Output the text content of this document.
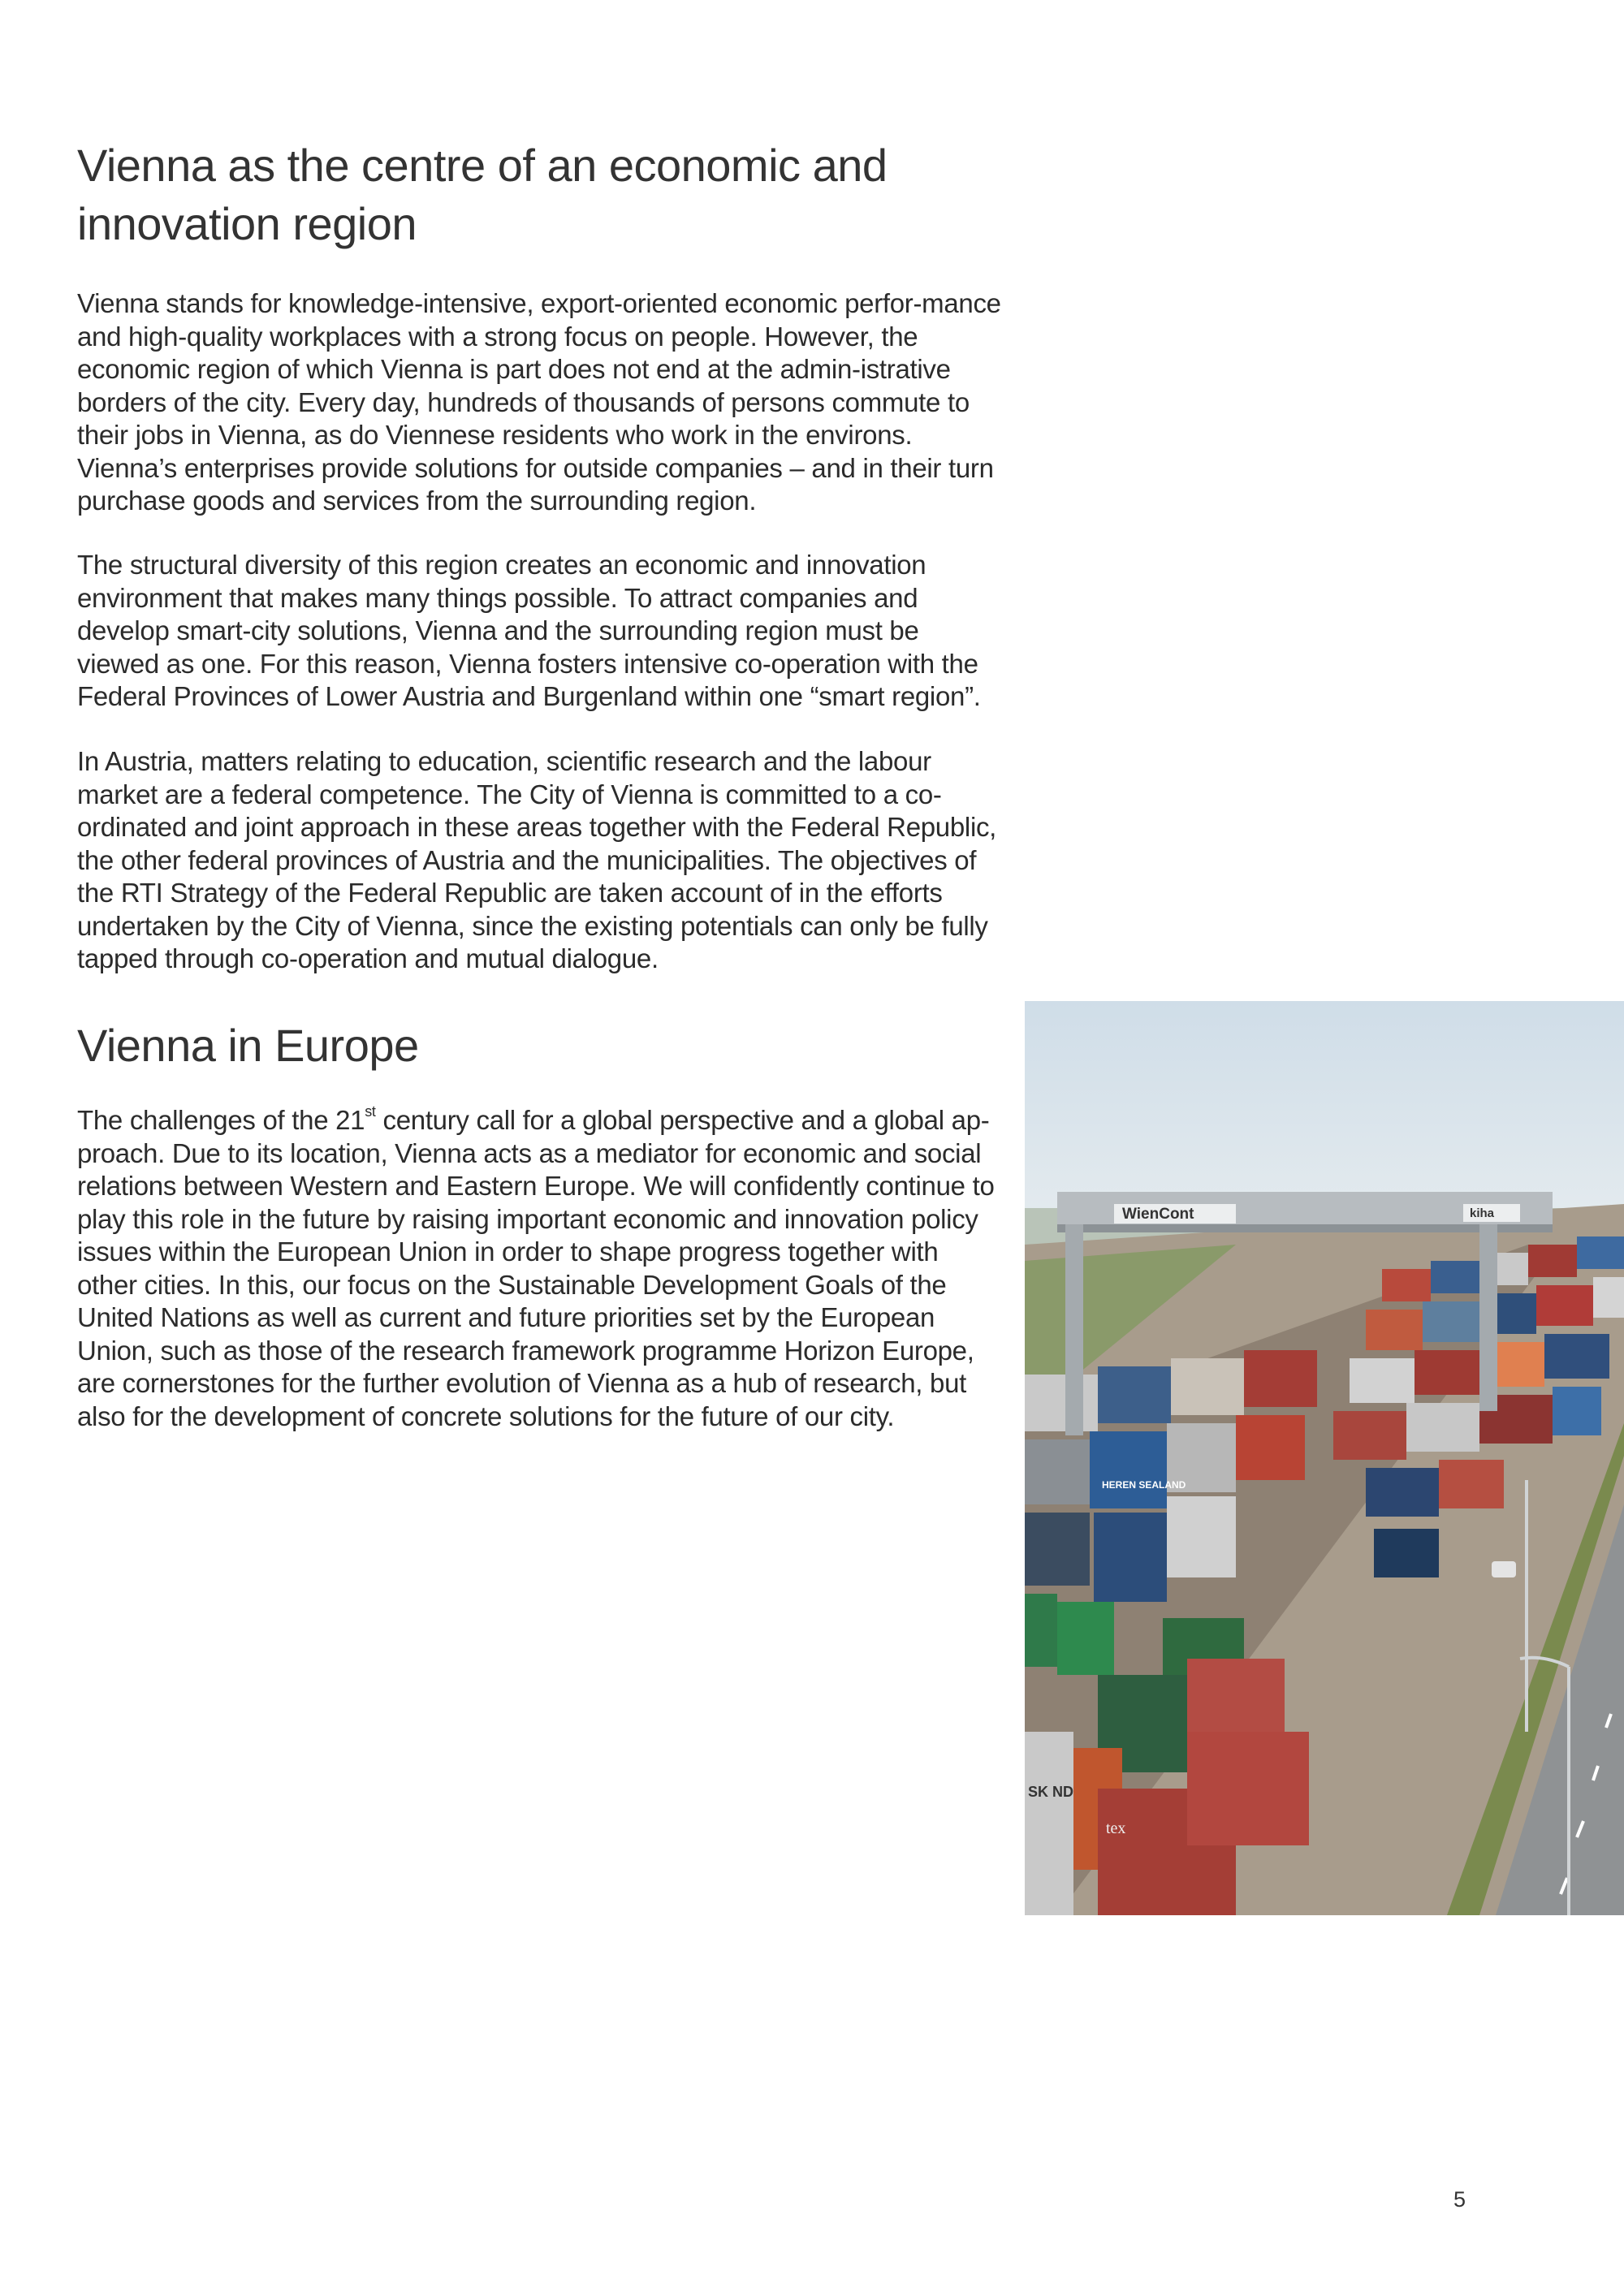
Vienna as the centre of an economic and
innovation region

Vienna stands for knowledge-intensive, export-oriented economic perfor-mance and high-quality workplaces with a strong focus on people. However, the economic region of which Vienna is part does not end at the admin-istrative borders of the city. Every day, hundreds of thousands of persons commute to their jobs in Vienna, as do Viennese residents who work in the environs. Vienna’s enterprises provide solutions for outside companies – and in their turn purchase goods and services from the surrounding region.

The structural diversity of this region creates an economic and innovation environment that makes many things possible. To attract companies and develop smart-city solutions, Vienna and the surrounding region must be viewed as one. For this reason, Vienna fosters intensive co-operation with the Federal Provinces of Lower Austria and Burgenland within one “smart region”.

In Austria, matters relating to education, scientific research and the labour market are a federal competence. The City of Vienna is committed to a co-ordinated and joint approach in these areas together with the Federal Republic, the other federal provinces of Austria and the municipalities. The objectives of the RTI Strategy of the Federal Republic are taken account of in the efforts undertaken by the City of Vienna, since the existing potentials can only be fully tapped through co-operation and mutual dialogue.

Vienna in Europe

The challenges of the 21st century call for a global perspective and a global ap-proach. Due to its location, Vienna acts as a mediator for economic and social relations between Western and Eastern Europe. We will confidently continue to play this role in the future by raising important economic and innovation policy issues within the European Union in order to shape progress together with other cities. In this, our focus on the Sustainable Development Goals of the United Nations as well as current and future priorities set by the European Union, such as those of the research framework programme Horizon Europe, are cornerstones for the further evolution of Vienna as a hub of research, but also for the development of concrete solutions for the future of our city.

WienCont	kiha
tex
SK ND
HEREN SEALAND
5
